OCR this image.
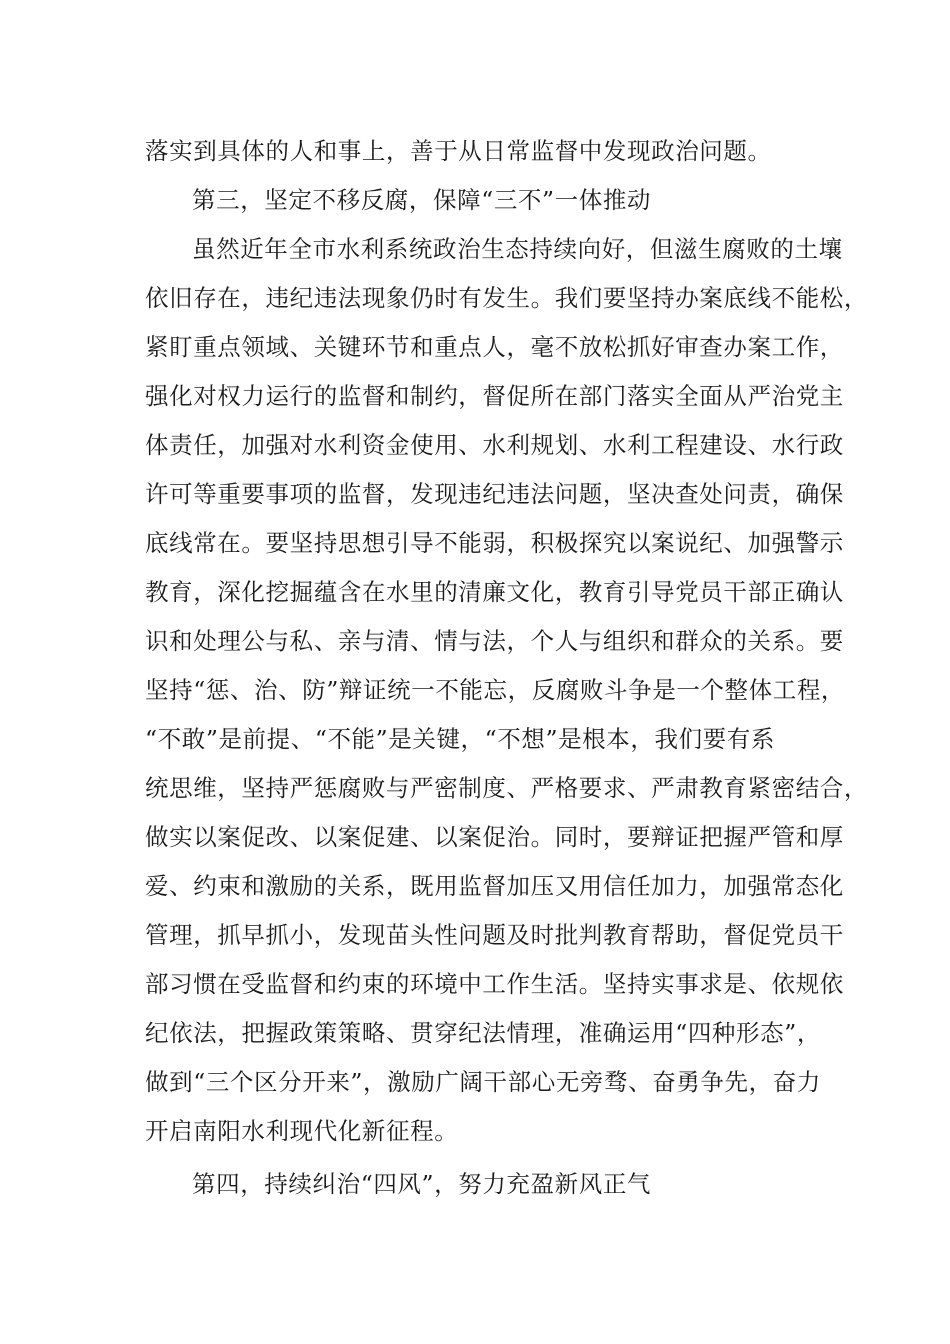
落实到具体的人和事上，善于从日常监督中发现政治问题。
第三，坚定不移反腐，保障“三不”一体推动
虽然近年全市水利系统政治生态持续向好，但滋生腐败的土壤
依旧存在，违纪违法现象仍时有发生。我们要坚持办案底线不能松，
紧盯重点领域、关键环节和重点人，毫不放松抓好审查办案工作，
强化对权力运行的监督和制约，督促所在部门落实全面从严治党主
体责任，加强对水利资金使用、水利规划、水利工程建设、水行政
许可等重要事项的监督，发现违纪违法问题，坚决查处问责，确保
底线常在。要坚持思想引导不能弱，积极探究以案说纪、加强警示
教育，深化挖掘蕴含在水里的清廉文化，教育引导党员干部正确认
识和处理公与私、亲与清、情与法，个人与组织和群众的关系。要
坚持“惩、治、防”辩证统一不能忘，反腐败斗争是一个整体工程，
“不敢”是前提、“不能”是关键，“不想”是根本，我们要有系
统思维，坚持严惩腐败与严密制度、严格要求、严肃教育紧密结合，
做实以案促改、以案促建、以案促治。同时，要辩证把握严管和厚
爱、约束和激励的关系，既用监督加压又用信任加力，加强常态化
管理，抓早抓小，发现苗头性问题及时批判教育帮助，督促党员干
部习惯在受监督和约束的环境中工作生活。坚持实事求是、依规依
纪依法，把握政策策略、贯穿纪法情理，准确运用“四种形态”，
做到“三个区分开来”，激励广阔干部心无旁骛、奋勇争先，奋力
开启南阳水利现代化新征程。
第四，持续纠治“四风”，努力充盈新风正气
